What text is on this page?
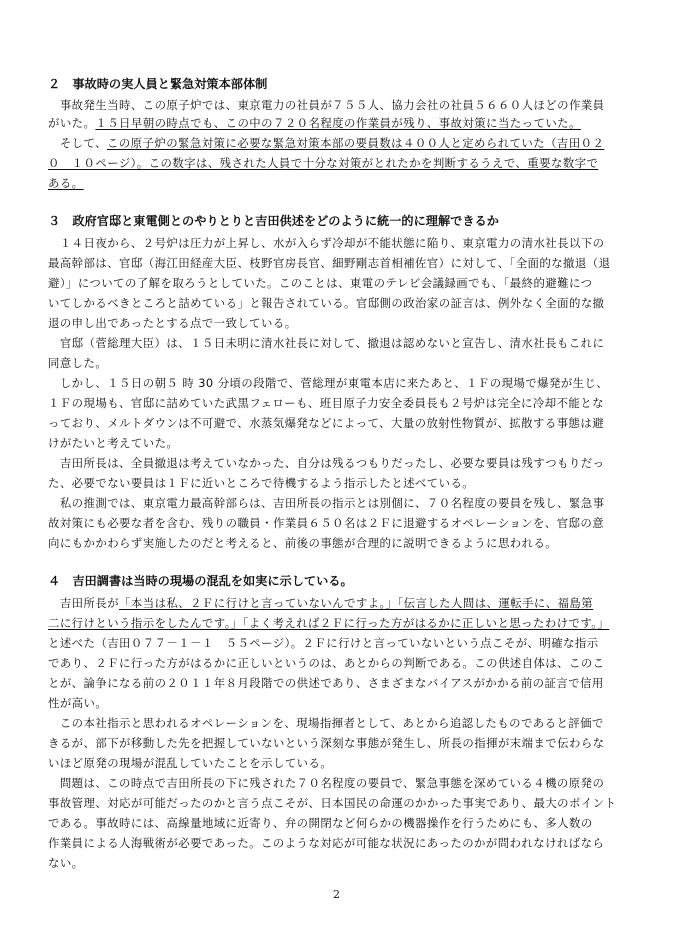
２　事故時の実人員と緊急対策本部体制
　事故発生当時、この原子炉では、東京電力の社員が７５５人、協力会社の社員５６６０人ほどの作業員
がいた。１５日早朝の時点でも、この中の７２０名程度の作業員が残り、事故対策に当たっていた。
　そして、この原子炉の緊急対策に必要な緊急対策本部の要員数は４００人と定められていた（吉田０２
０　１０ページ）。この数字は、残された人員で十分な対策がとれたかを判断するうえで、重要な数字で
ある。
３　政府官邸と東電側とのやりとりと吉田供述をどのように統一的に理解できるか
　１４日夜から、２号炉は圧力が上昇し、水が入らず冷却が不能状態に陥り、東京電力の清水社長以下の
最高幹部は、官邸（海江田経産大臣、枝野官房長官、細野剛志首相補佐官）に対して、「全面的な撤退（退
避）」についての了解を取ろうとしていた。このことは、東電のテレビ会議録画でも、「最終的避難につ
いてしかるべきところと詰めている」と報告されている。官邸側の政治家の証言は、例外なく全面的な撤
退の申し出であったとする点で一致している。
　官邸（菅総理大臣）は、１５日未明に清水社長に対して、撤退は認めないと宣告し、清水社長もこれに
同意した。
　しかし、１５日の朝５ 時 30 分頃の段階で、菅総理が東電本店に来たあと、１Ｆの現場で爆発が生じ、
１Ｆの現場も、官邸に詰めていた武黒フェローも、班目原子力安全委員長も２号炉は完全に冷却不能とな
っており、メルトダウンは不可避で、水蒸気爆発などによって、大量の放射性物質が、拡散する事態は避
けがたいと考えていた。
　吉田所長は、全員撤退は考えていなかった、自分は残るつもりだったし、必要な要員は残すつもりだっ
た、必要でない要員は１Ｆに近いところで待機するよう指示したと述べている。
　私の推測では、東京電力最高幹部らは、吉田所長の指示とは別個に、７０名程度の要員を残し、緊急事
故対策にも必要な者を含む、残りの職員・作業員６５０名は２Ｆに退避するオペレーションを、官邸の意
向にもかかわらず実施したのだと考えると、前後の事態が合理的に説明できるように思われる。
４　吉田調書は当時の現場の混乱を如実に示している。
　吉田所長が「本当は私、２Ｆに行けと言っていないんですよ。」「伝言した人間は、運転手に、福島第
二に行けという指示をしたんです。」「よく考えれば２Ｆに行った方がはるかに正しいと思ったわけです。」
と述べた（吉田０７７－１－１　５５ページ）。２Ｆに行けと言っていないという点こそが、明確な指示
であり、２Ｆに行った方がはるかに正しいというのは、あとからの判断である。この供述自体は、このこ
とが、論争になる前の２０１１年８月段階での供述であり、さまざまなバイアスがかかる前の証言で信用
性が高い。
　この本社指示と思われるオペレーションを、現場指揮者として、あとから追認したものであると評価で
きるが、部下が移動した先を把握していないという深刻な事態が発生し、所長の指揮が末端まで伝わらな
いほど原発の現場が混乱していたことを示している。
　問題は、この時点で吉田所長の下に残された７０名程度の要員で、緊急事態を深めている４機の原発の
事故管理、対応が可能だったのかと言う点こそが、日本国民の命運のかかった事実であり、最大のポイント
である。事故時には、高線量地域に近寄り、弁の開閉など何らかの機器操作を行うためにも、多人数の
作業員による人海戦術が必要であった。このような対応が可能な状況にあったのかが問われなければなら
ない。
2
